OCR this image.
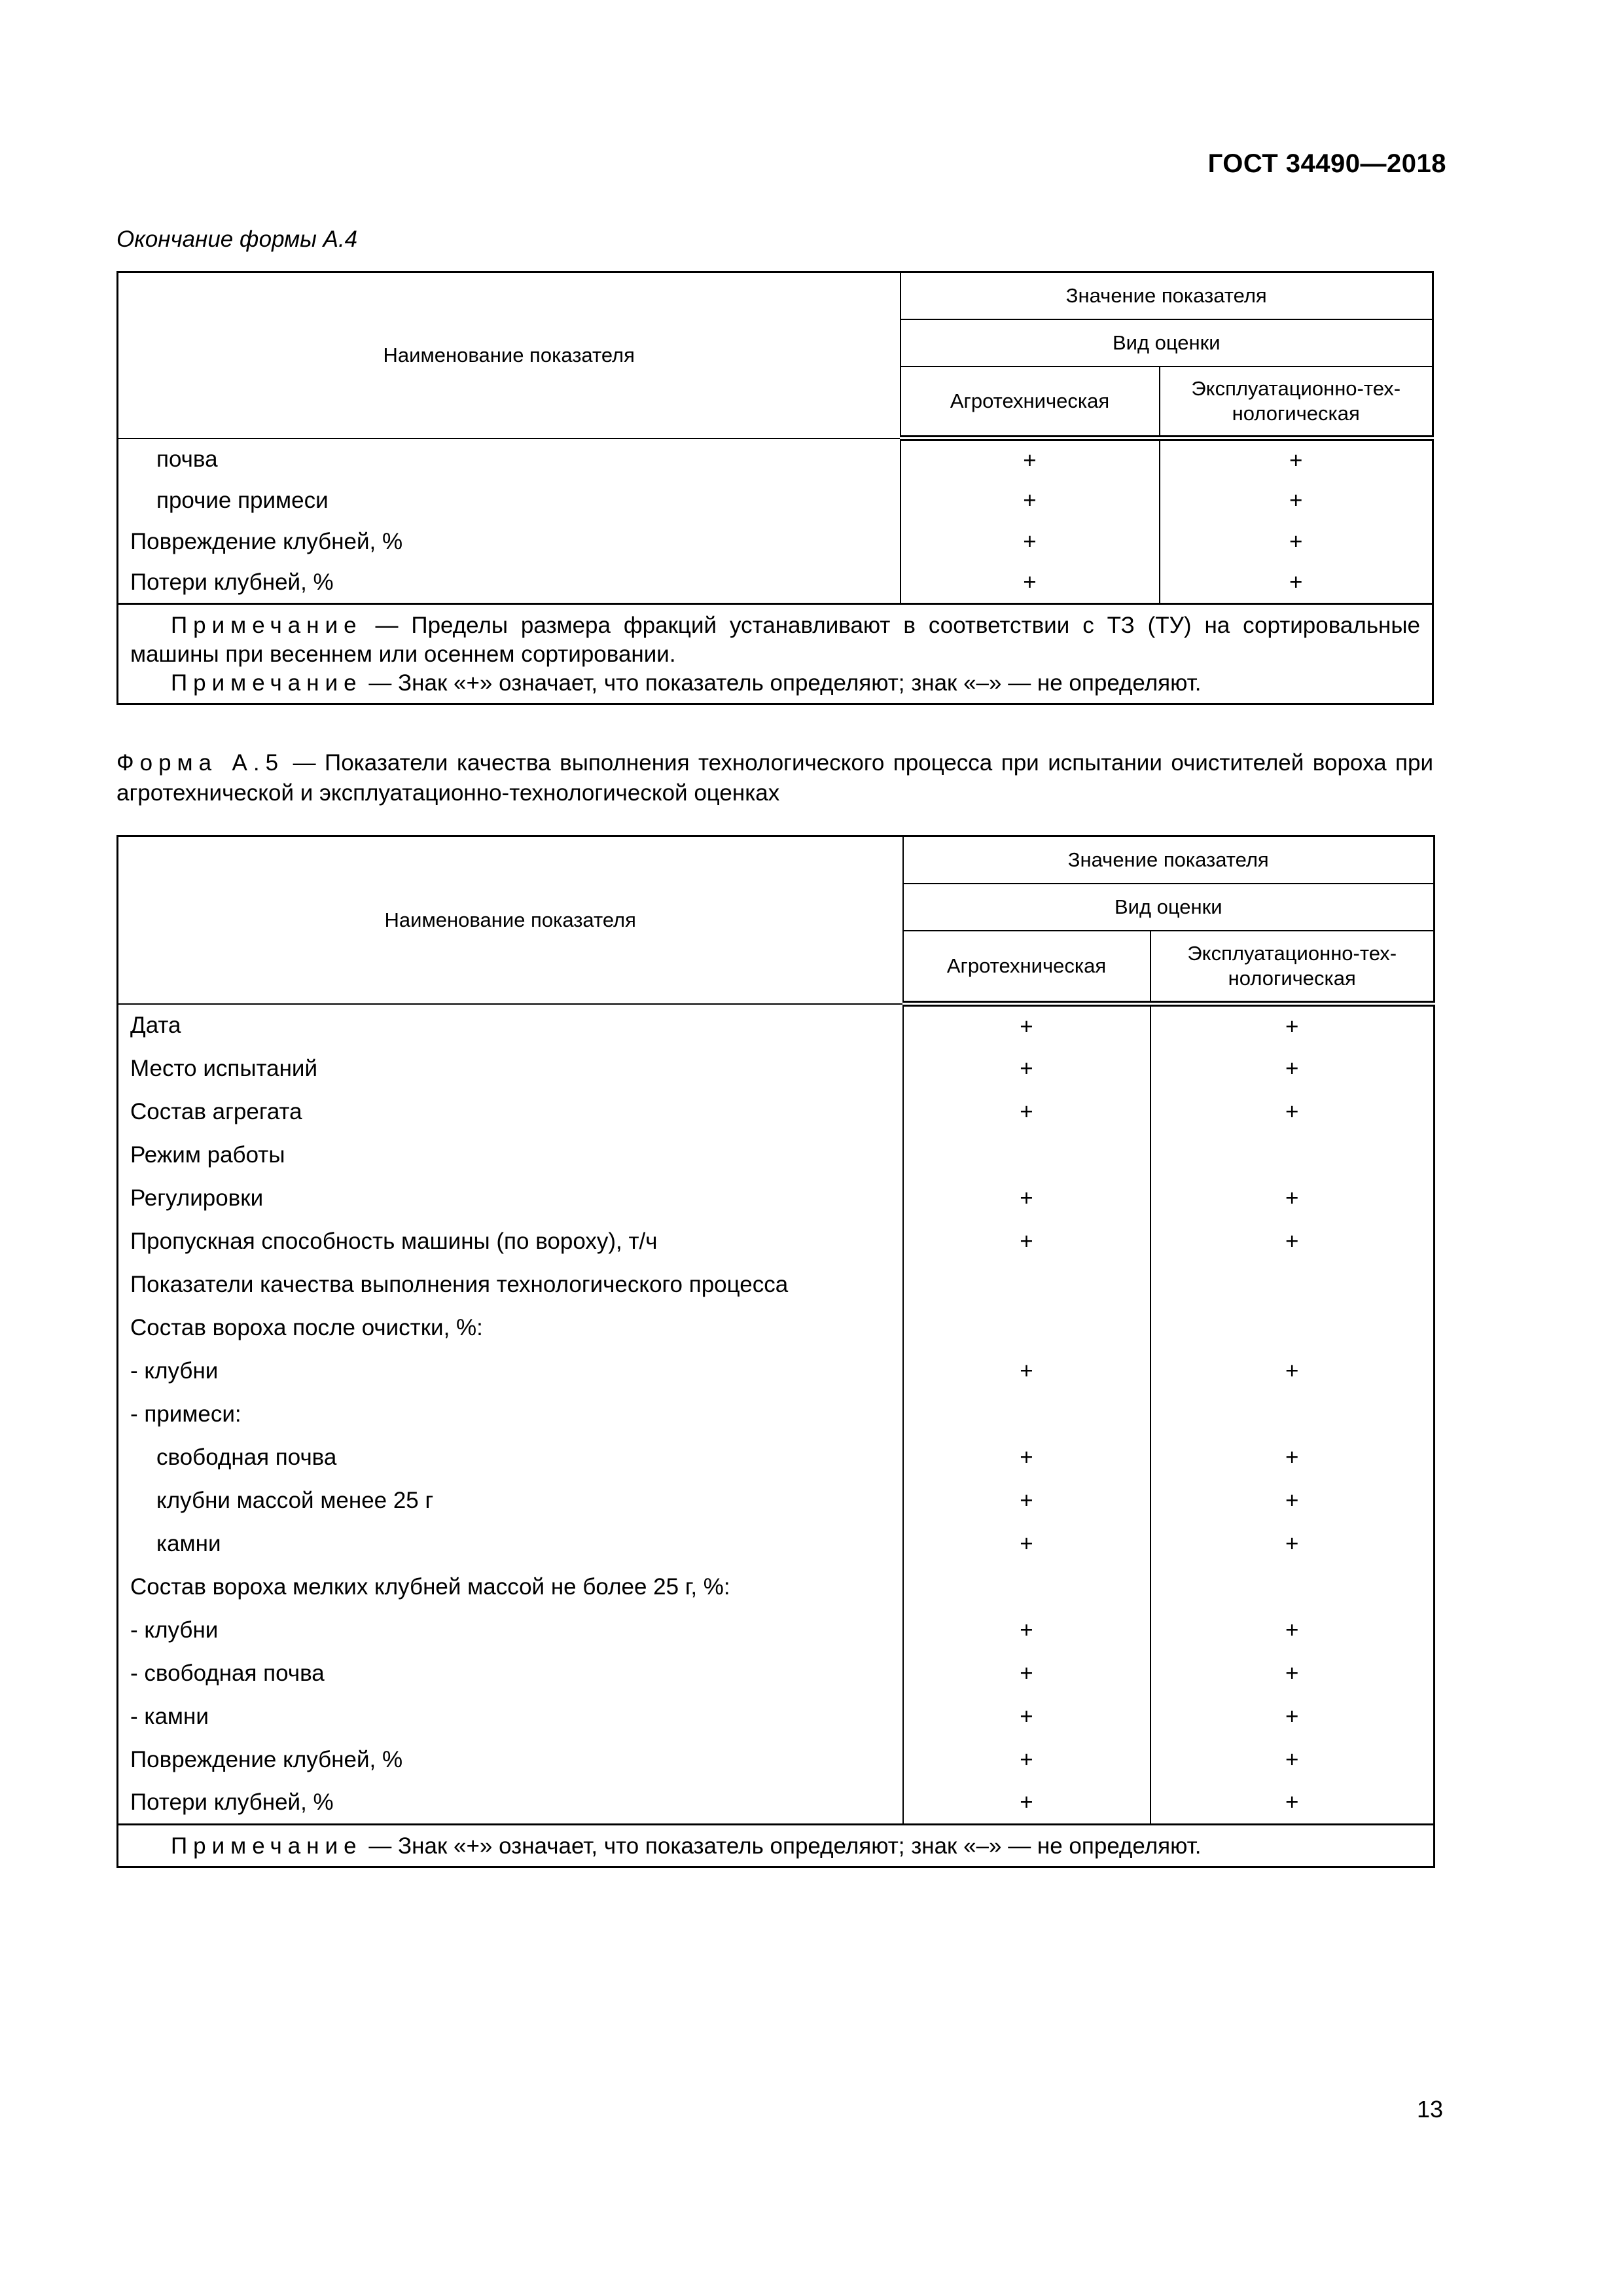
ГОСТ 34490—2018
Окончание формы А.4
Наименование показателя	Значение показателя	
	Вид оценки	
	Агротехническая	Эксплуатационно-тех-нологическая
почва	+	+
прочие примеси	+	+
Повреждение клубней, %	+	+
Потери клубней, %	+	+

Примечание — Пределы размера фракций устанавливают в соответствии с ТЗ (ТУ) на сортировальные машины при весеннем или осеннем сортировании.
Примечание — Знак «+» означает, что показатель определяют; знак «–» — не определяют.		
Форма А.5 — Показатели качества выполнения технологического процесса при испытании очистителей вороха при агротехнической и эксплуатационно-технологической оценках
Наименование показателя	Значение показателя	
	Вид оценки	
	Агротехническая	Эксплуатационно-тех-нологическая
Дата	+	+
Место испытаний	+	+
Состав агрегата	+	+
Режим работы		
Регулировки	+	+
Пропускная способность машины (по вороху), т/ч	+	+
Показатели качества выполнения технологического процесса		
Состав вороха после очистки, %:		
- клубни	+	+
- примеси:		
свободная почва	+	+
клубни массой менее 25 г	+	+
камни	+	+
Состав вороха мелких клубней массой не более 25 г, %:		
- клубни	+	+
- свободная почва	+	+
- камни	+	+
Повреждение клубней, %	+	+
Потери клубней, %	+	+

Примечание — Знак «+» означает, что показатель определяют; знак «–» — не определяют.		
13
